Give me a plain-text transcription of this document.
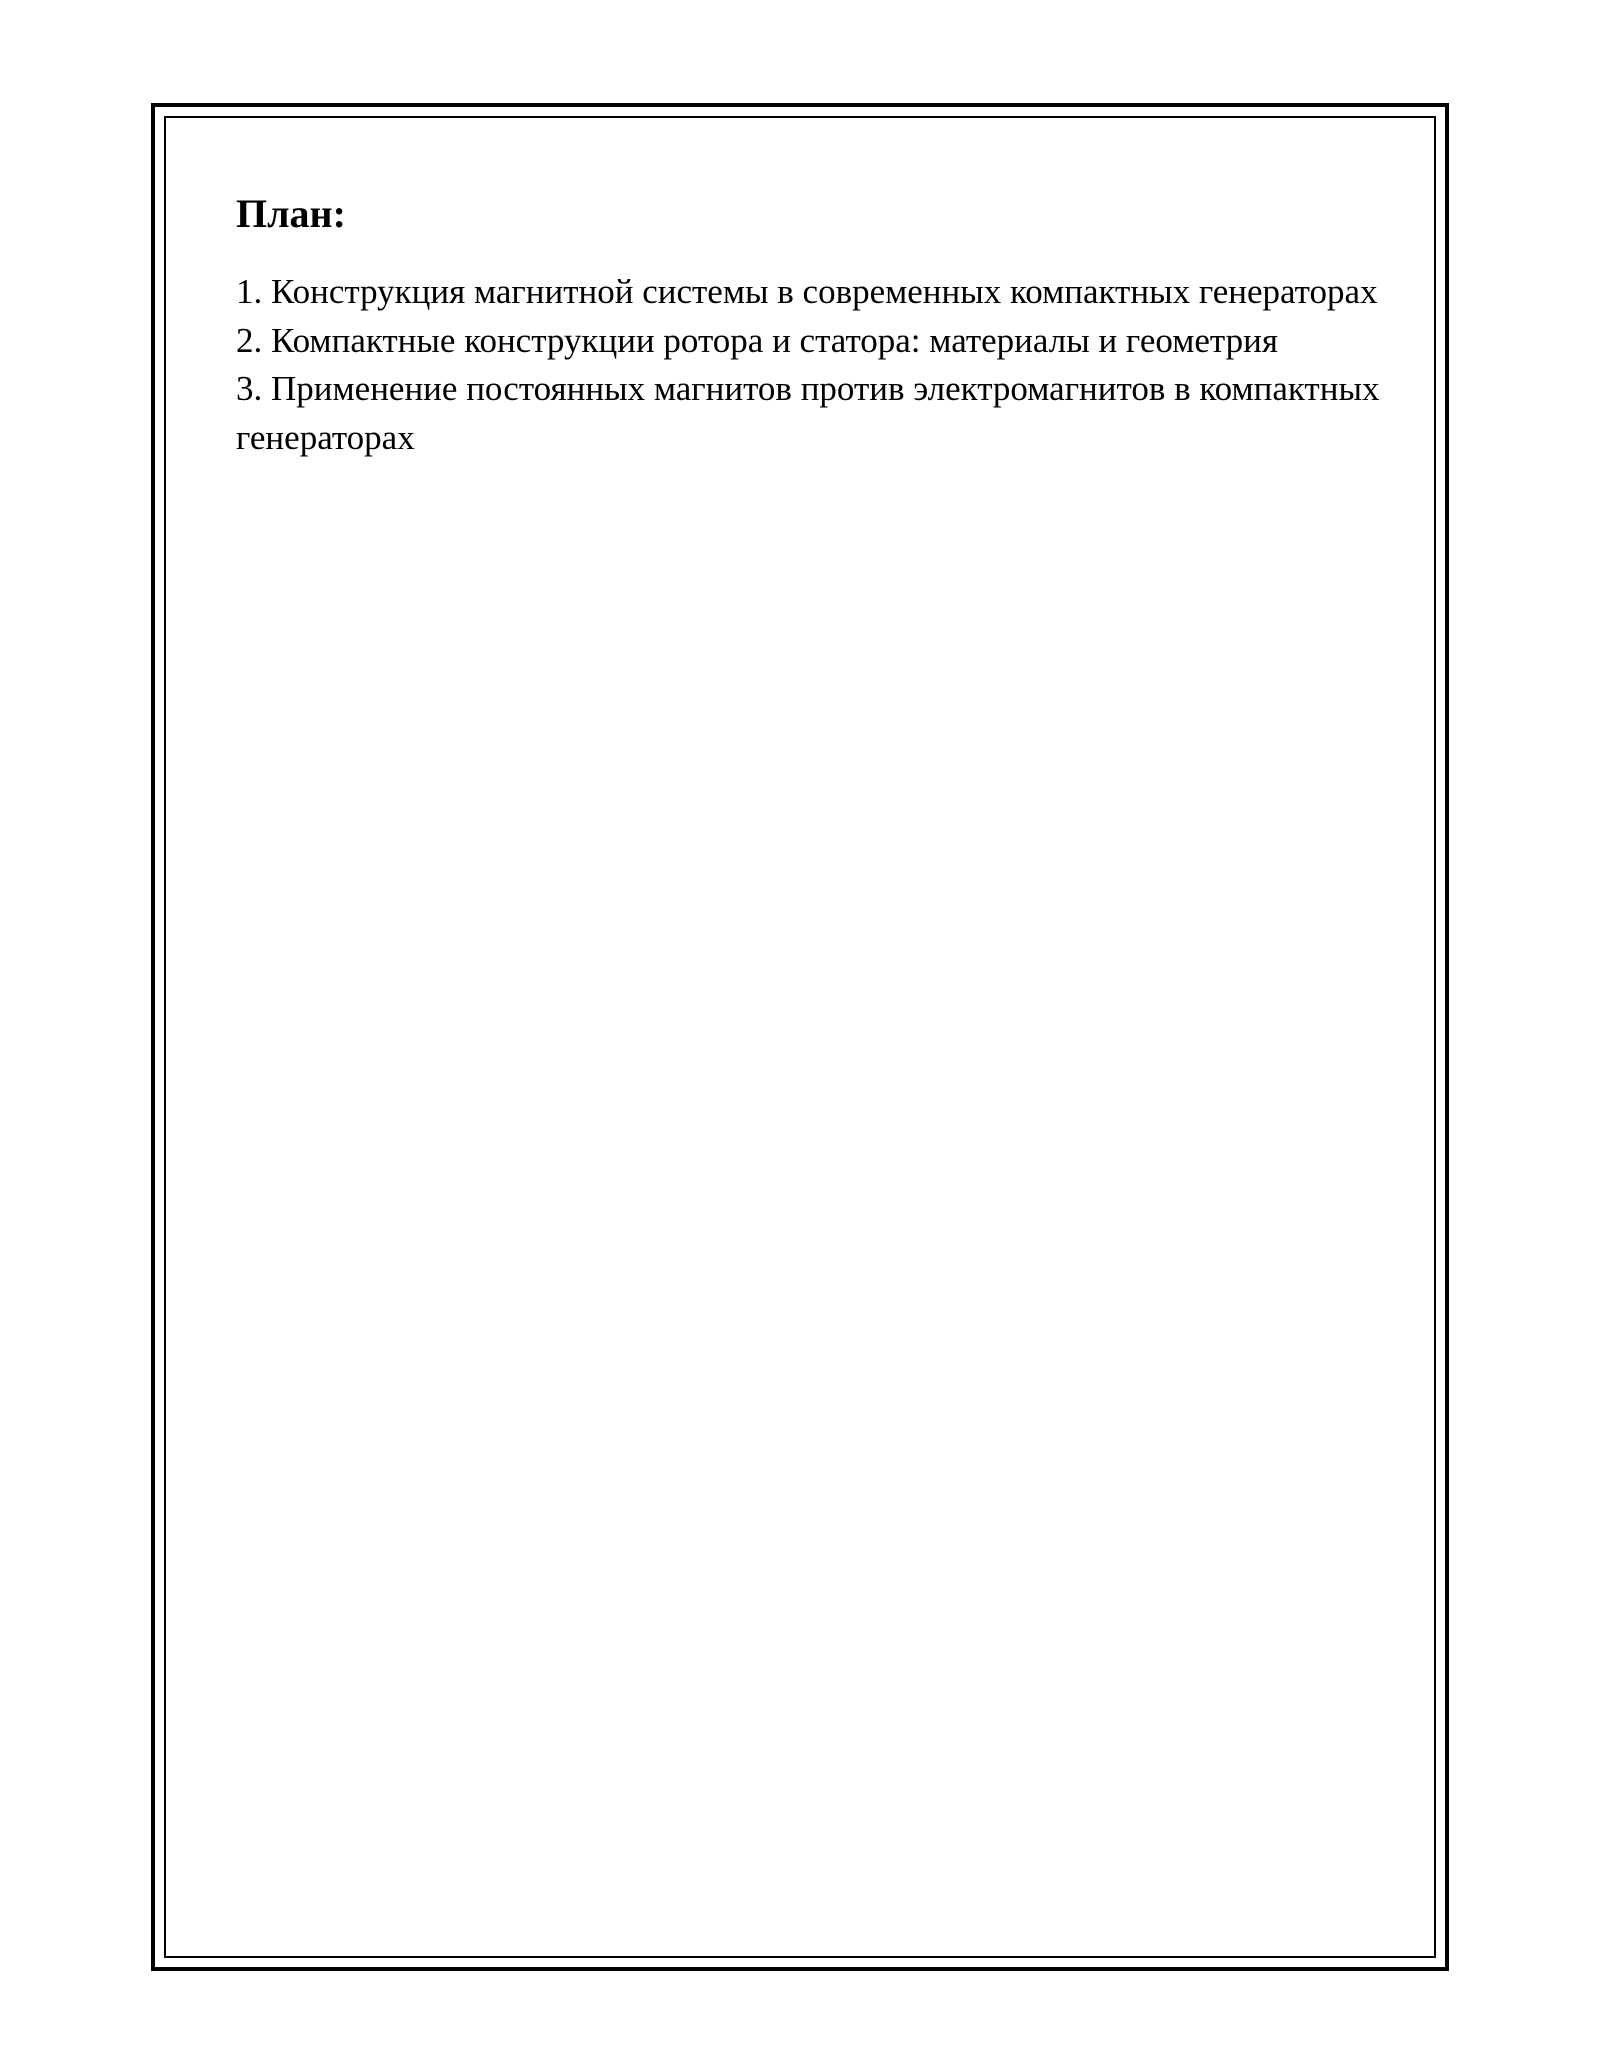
План:
1. Конструкция магнитной системы в современных компактных генераторах
2. Компактные конструкции ротора и статора: материалы и геометрия
3. Применение постоянных магнитов против электромагнитов в компактных генераторах
